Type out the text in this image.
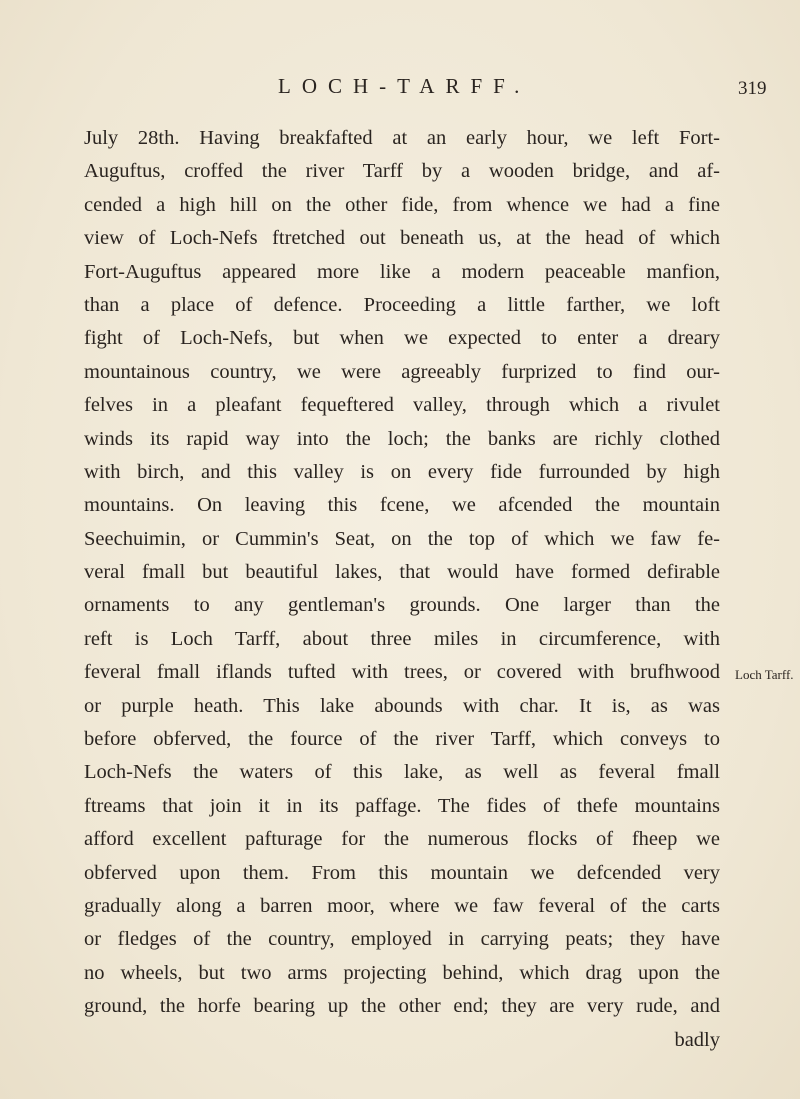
LOCH-TARFF.	319
July 28th. Having breakfafted at an early hour, we left Fort-
Auguftus, croffed the river Tarff by a wooden bridge, and af-
cended a high hill on the other fide, from whence we had a fine
view of Loch-Nefs ftretched out beneath us, at the head of which
Fort-Auguftus appeared more like a modern peaceable manfion,
than a place of defence. Proceeding a little farther, we loft
fight of Loch-Nefs, but when we expected to enter a dreary
mountainous country, we were agreeably furprized to find our-
felves in a pleafant fequeftered valley, through which a rivulet
winds its rapid way into the loch; the banks are richly clothed
with birch, and this valley is on every fide furrounded by high
mountains. On leaving this fcene, we afcended the mountain
Seechuimin, or Cummin's Seat, on the top of which we faw fe-
veral fmall but beautiful lakes, that would have formed defirable
ornaments to any gentleman's grounds. One larger than the
reft is Loch Tarff, about three miles in circumference, with
feveral fmall iflands tufted with trees, or covered with brufhwood
or purple heath. This lake abounds with char. It is, as was
before obferved, the fource of the river Tarff, which conveys to
Loch-Nefs the waters of this lake, as well as feveral fmall
ftreams that join it in its paffage. The fides of thefe mountains
afford excellent pafturage for the numerous flocks of fheep we
obferved upon them. From this mountain we defcended very
gradually along a barren moor, where we faw feveral of the carts
or fledges of the country, employed in carrying peats; they have
no wheels, but two arms projecting behind, which drag upon the
ground, the horfe bearing up the other end; they are very rude, and
badly
Loch Tarff.
